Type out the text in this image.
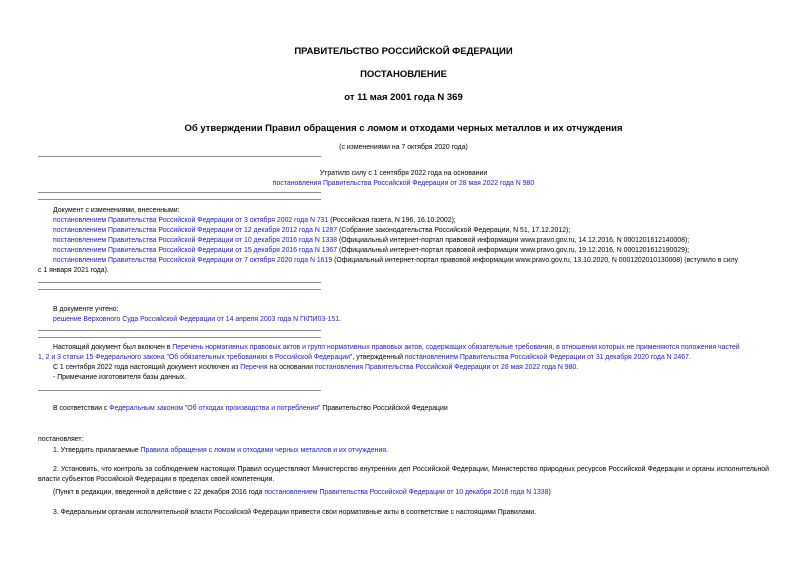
ПРАВИТЕЛЬСТВО РОССИЙСКОЙ ФЕДЕРАЦИИ
ПОСТАНОВЛЕНИЕ
от 11 мая 2001 года N 369
Об утверждении Правил обращения с ломом и отходами черных металлов и их отчуждения
(с изменениями на 7 октября 2020 года)
Утратило силу с 1 сентября 2022 года на основании
постановления Правительства Российской Федерации от 28 мая 2022 года N 980
Документ с изменениями, внесенными:
постановлением Правительства Российской Федерации от 3 октября 2002 года N 731 (Российская газета, N 196, 16.10.2002);
постановлением Правительства Российской Федерации от 12 декабря 2012 года N 1287 (Собрание законодательства Российской Федерации, N 51, 17.12.2012);
постановлением Правительства Российской Федерации от 10 декабря 2016 года N 1338 (Официальный интернет-портал правовой информации www.pravo.gov.ru, 14.12.2016, N 0001201612140008);
постановлением Правительства Российской Федерации от 15 декабря 2016 года N 1367 (Официальный интернет-портал правовой информации www.pravo.gov.ru, 19.12.2016, N 0001201612190029);
постановлением Правительства Российской Федерации от 7 октября 2020 года N 1619 (Официальный интернет-портал правовой информации www.pravo.gov.ru, 13.10.2020, N 0001202010130008) (вступило в силу
с 1 января 2021 года).
В документе учтено:
решение Верховного Суда Российской Федерации от 14 апреля 2003 года N ГКПИ03-151.
Настоящий документ был включен в Перечень нормативных правовых актов и групп нормативных правовых актов, содержащих обязательные требования, в отношении которых не применяются положения частей
1, 2 и 3 статьи 15 Федерального закона "Об обязательных требованиях в Российской Федерации", утвержденный постановлением Правительства Российской Федерации от 31 декабря 2020 года N 2467.
С 1 сентября 2022 года настоящий документ исключен из Перечня на основании постановления Правительства Российской Федерации от 28 мая 2022 года N 980.
- Примечание изготовителя базы данных.
В соответствии с Федеральным законом "Об отходах производства и потребления" Правительство Российской Федерации
постановляет:
1. Утвердить прилагаемые Правила обращения с ломом и отходами черных металлов и их отчуждения.
2. Установить, что контроль за соблюдением настоящих Правил осуществляют Министерство внутренних дел Российской Федерации, Министерство природных ресурсов Российской Федерации и органы исполнительной власти субъектов Российской Федерации в пределах своей компетенции.
(Пункт в редакции, введенной в действие с 22 декабря 2016 года постановлением Правительства Российской Федерации от 10 декабря 2016 года N 1338)
3. Федеральным органам исполнительной власти Российской Федерации привести свои нормативные акты в соответствие с настоящими Правилами.
